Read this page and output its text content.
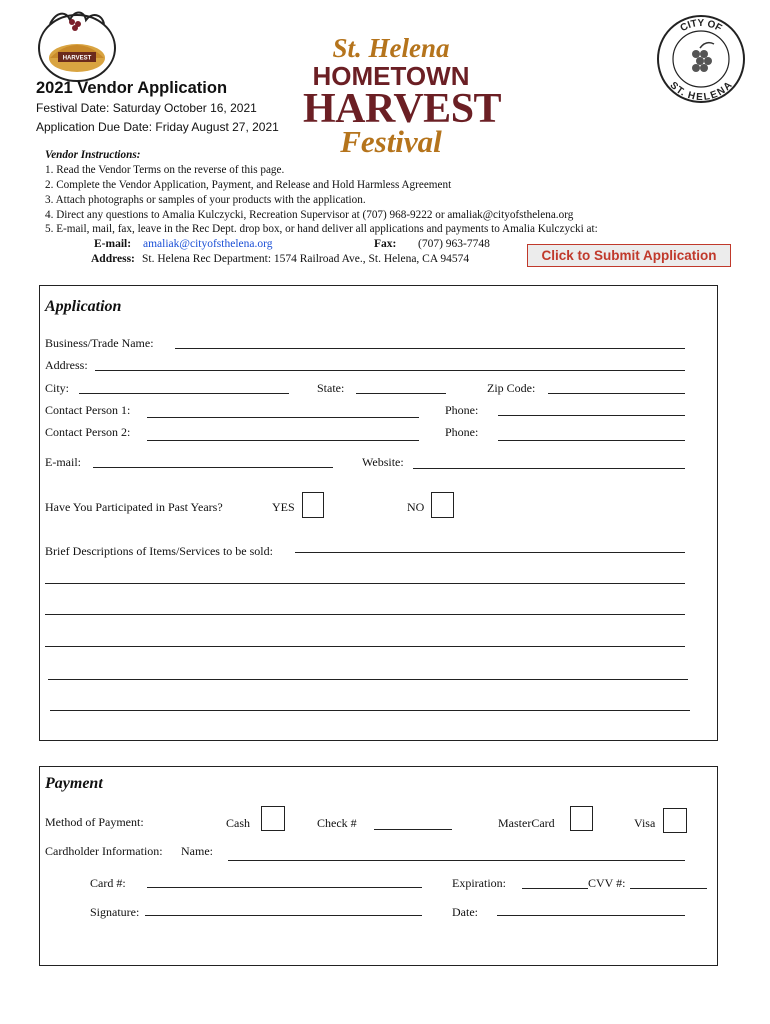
HARVEST	St. Helena
HOMETOWN
HARVEST
Festival
CITY OF
ST. HELENA
2021 Vendor Application
Festival Date: Saturday October 16, 2021
Application Due Date: Friday August 27, 2021
Vendor Instructions:
1. Read the Vendor Terms on the reverse of this page.
2. Complete the Vendor Application, Payment, and Release and Hold Harmless Agreement
3. Attach photographs or samples of your products with the application.
4. Direct any questions to Amalia Kulczycki, Recreation Supervisor at (707) 968-9222 or amaliak@cityofsthelena.org
5. E-mail, mail, fax, leave in the Rec Dept. drop box, or hand deliver all applications and payments to Amalia Kulczycki at:
E-mail: amaliak@cityofsthelena.org	Fax: (707) 963-7748
Address: St. Helena Rec Department: 1574 Railroad Ave., St. Helena, CA 94574	Click to Submit Application
Application
Business/Trade Name:
Address:
City:	State:	Zip Code:
Contact Person 1:	Phone:
Contact Person 2:	Phone:
E-mail:	Website:
Have You Participated in Past Years?	YES	NO
Brief Descriptions of Items/Services to be sold:
Payment
Method of Payment:	Cash	Check #	MasterCard	Visa
Cardholder Information: Name:
Card #:	Expiration:	CVV #:
Signature:	Date:
